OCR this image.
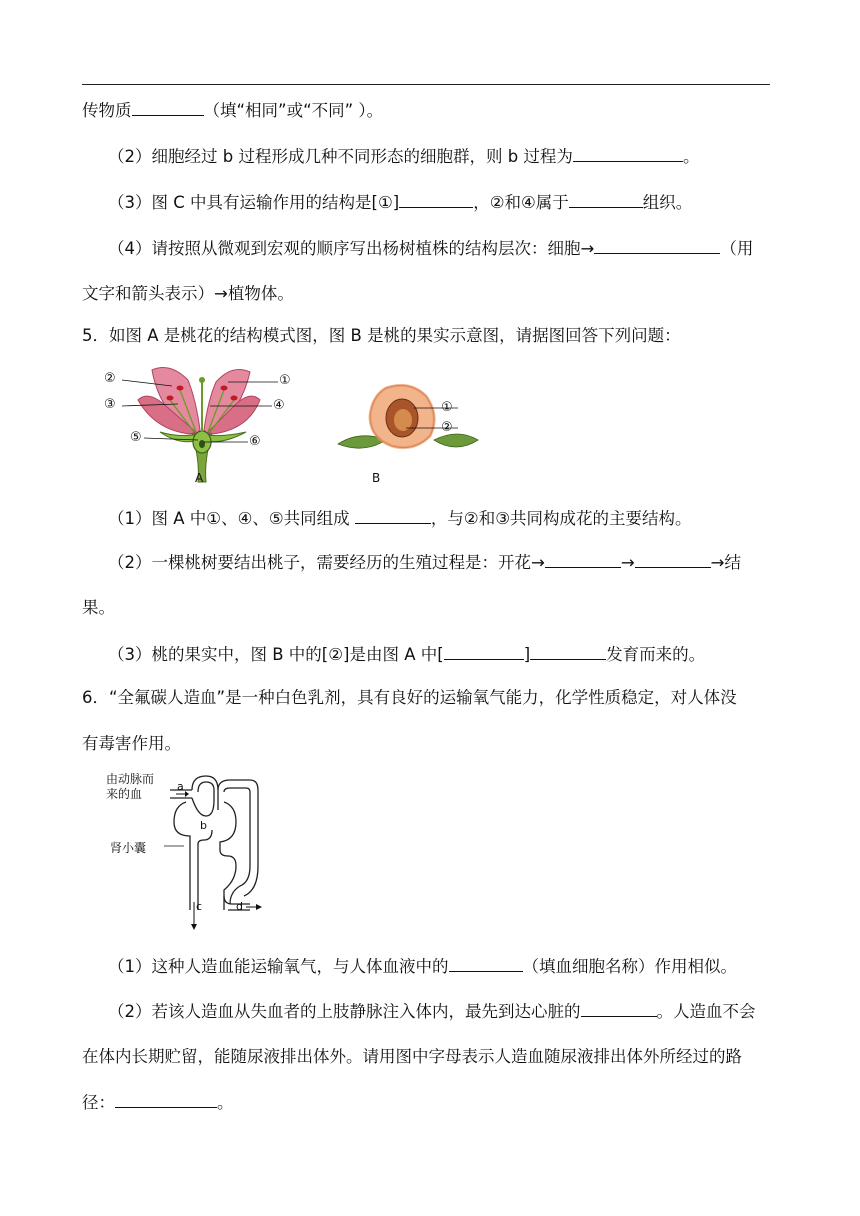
传物质	（填“相同”或“不同” ）。
（2）细胞经过 b 过程形成几种不同形态的细胞群，则 b 过程为	。
（3）图 C 中具有运输作用的结构是[①]	，②和④属于	组织。
（4）请按照从微观到宏观的顺序写出杨树植株的结构层次：细胞→	（用
文字和箭头表示）→植物体。
5．如图 A 是桃花的结构模式图，图 B 是桃的果实示意图，请据图回答下列问题：
②
③
⑤
①
④
⑥
A
①
②
B
（1）图 A 中①、④、⑤共同组成	，与②和③共同构成花的主要结构。
（2）一棵桃树要结出桃子，需要经历的生殖过程是：开花→	→	→结
果。
（3）桃的果实中，图 B 中的[②]是由图 A 中[	]	发育而来的。
6．“全氟碳人造血”是一种白色乳剂，具有良好的运输氧气能力，化学性质稳定，对人体没
有毒害作用。
由动脉而
来的血
肾小囊
a
b
c	d
（1）这种人造血能运输氧气，与人体血液中的	（填血细胞名称）作用相似。
（2）若该人造血从失血者的上肢静脉注入体内，最先到达心脏的	。人造血不会
在体内长期贮留，能随尿液排出体外。请用图中字母表示人造血随尿液排出体外所经过的路
径：	。
